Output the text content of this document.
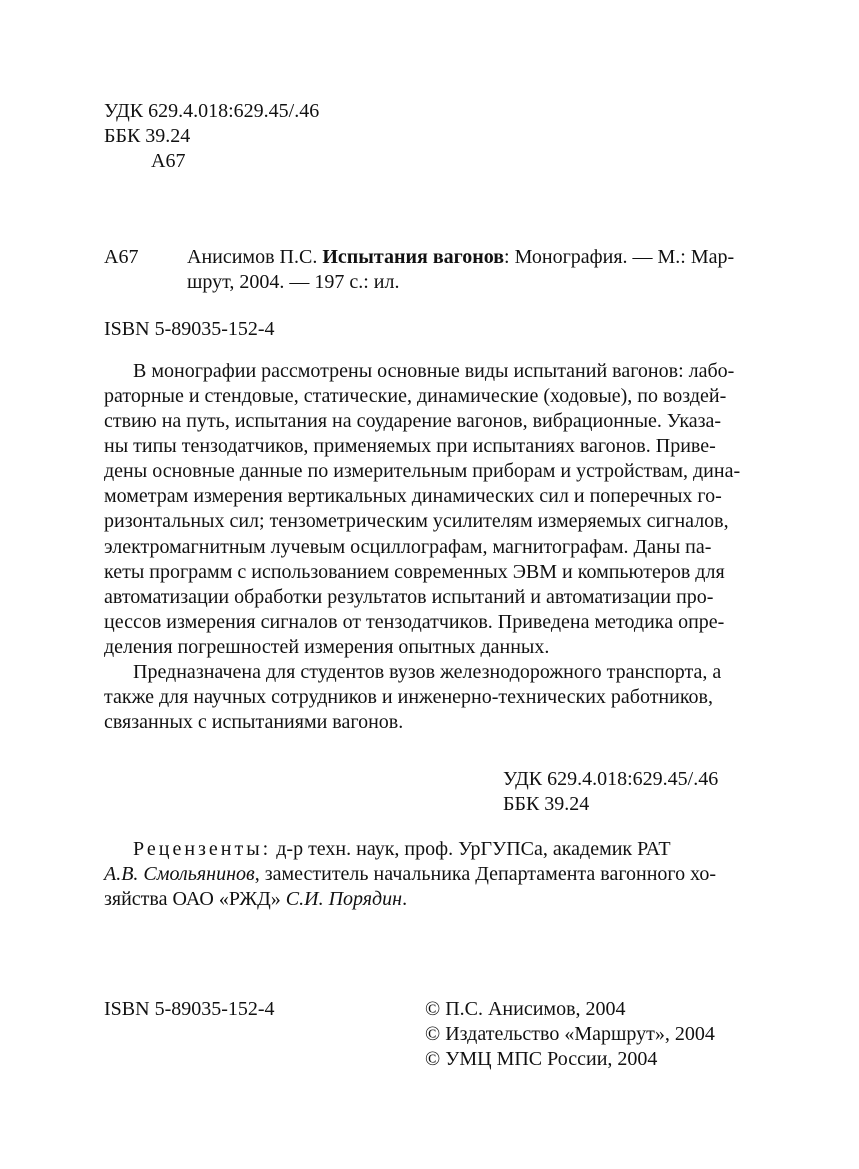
УДК 629.4.018:629.45/.46
ББК 39.24
А67
А67 Анисимов П.С. Испытания вагонов: Монография. — М.: Мар-
шрут, 2004. — 197 с.: ил.
ISBN 5-89035-152-4
В монографии рассмотрены основные виды испытаний вагонов: лабо-
раторные и стендовые, статические, динамические (ходовые), по воздей-
ствию на путь, испытания на соударение вагонов, вибрационные. Указа-
ны типы тензодатчиков, применяемых при испытаниях вагонов. Приве-
дены основные данные по измерительным приборам и устройствам, дина-
мометрам измерения вертикальных динамических сил и поперечных го-
ризонтальных сил; тензометрическим усилителям измеряемых сигналов,
электромагнитным лучевым осциллографам, магнитографам. Даны па-
кеты программ с использованием современных ЭВМ и компьютеров для
автоматизации обработки результатов испытаний и автоматизации про-
цессов измерения сигналов от тензодатчиков. Приведена методика опре-
деления погрешностей измерения опытных данных.
Предназначена для студентов вузов железнодорожного транспорта, а
также для научных сотрудников и инженерно-технических работников,
связанных с испытаниями вагонов.
УДК 629.4.018:629.45/.46
ББК 39.24
Рецензенты: д-р техн. наук, проф. УрГУПСа, академик РАТ
А.В. Смольянинов, заместитель начальника Департамента вагонного хо-
зяйства ОАО «РЖД» С.И. Порядин.
ISBN 5-89035-152-4	© П.С. Анисимов, 2004
© Издательство «Маршрут», 2004
© УМЦ МПС России, 2004
